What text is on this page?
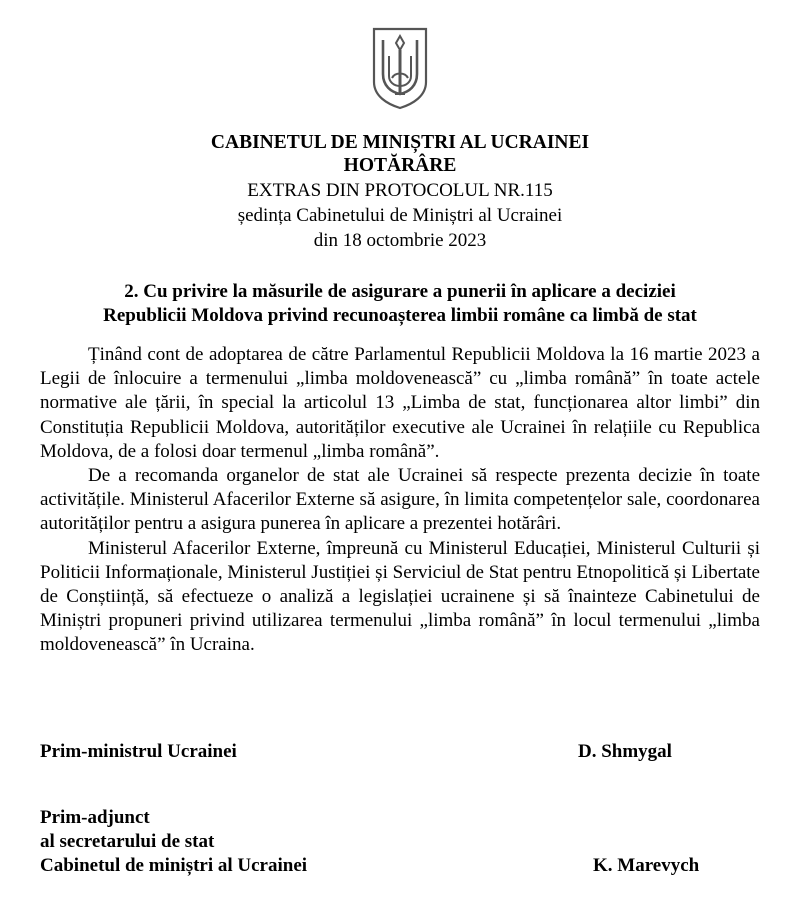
CABINETUL DE MINIȘTRI AL UCRAINEI
HOTĂRÂRE
EXTRAS DIN PROTOCOLUL NR.115
ședința Cabinetului de Miniștri al Ucrainei
din 18 octombrie 2023
2. Cu privire la măsurile de asigurare a punerii în aplicare a deciziei
Republicii Moldova privind recunoașterea limbii române ca limbă de stat

Ținând cont de adoptarea de către Parlamentul Republicii Moldova la 16 martie 2023 a Legii de înlocuire a termenului „limba moldovenească” cu „limba română” în toate actele normative ale țării, în special la articolul 13 „Limba de stat, funcționarea altor limbi” din Constituția Republicii Moldova, autorităților executive ale Ucrainei în relațiile cu Republica Moldova, de a folosi doar termenul „limba română”.

De a recomanda organelor de stat ale Ucrainei să respecte prezenta decizie în toate activitățile. Ministerul Afacerilor Externe să asigure, în limita competențelor sale, coordonarea autorităților pentru a asigura punerea în aplicare a prezentei hotărâri.

Ministerul Afacerilor Externe, împreună cu Ministerul Educației, Ministerul Culturii și Politicii Informaționale, Ministerul Justiției și Serviciul de Stat pentru Etnopolitică și Libertate de Conștiință, să efectueze o analiză a legislației ucrainene și să înainteze Cabinetului de Miniștri propuneri privind utilizarea termenului „limba română” în locul termenului „limba moldovenească” în Ucraina.

Prim-ministrul Ucrainei	D. Shmygal
Prim-adjunct
al secretarului de stat
Cabinetul de miniștri al Ucrainei	K. Marevych
